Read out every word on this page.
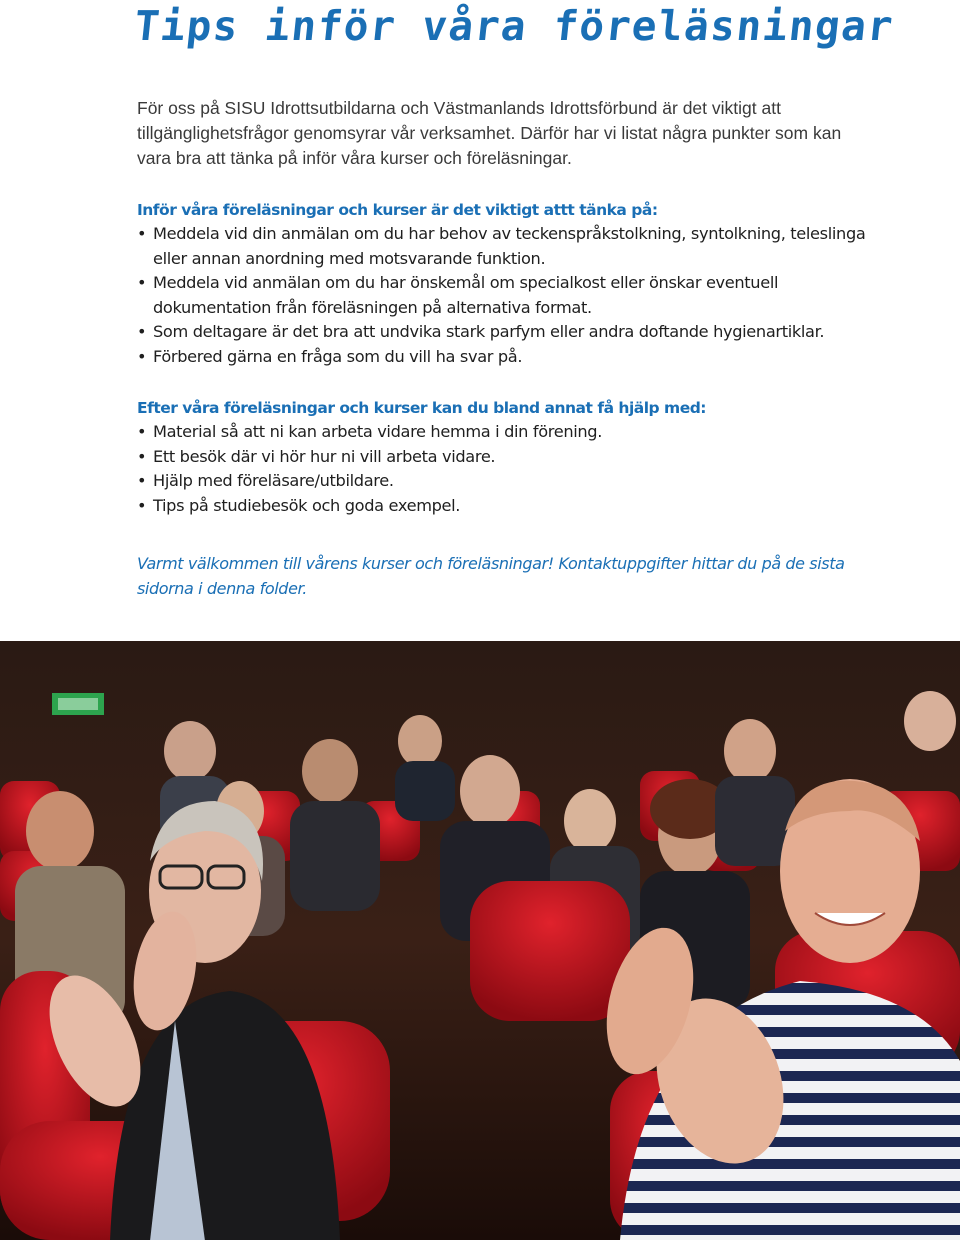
Tips inför våra föreläsningar

För oss på SISU Idrottsutbildarna och Västmanlands Idrottsförbund är det viktigt att tillgänglighetsfrågor genomsyrar vår verksamhet. Därför har vi listat några punkter som kan vara bra att tänka på inför våra kurser och föreläsningar.

Inför våra föreläsningar och kurser är det viktigt attt tänka på:
• Meddela vid din anmälan om du har behov av teckenspråkstolkning, syntolkning, teleslinga eller annan anordning med motsvarande funktion.
• Meddela vid anmälan om du har önskemål om specialkost eller önskar eventuell dokumentation från föreläsningen på alternativa format.
• Som deltagare är det bra att undvika stark parfym eller andra doftande hygienartiklar.
• Förbered gärna en fråga som du vill ha svar på.
Efter våra föreläsningar och kurser kan du bland annat få hjälp med:
• Material så att ni kan arbeta vidare hemma i din förening.
• Ett besök där vi hör hur ni vill arbeta vidare.
• Hjälp med föreläsare/utbildare.
• Tips på studiebesök och goda exempel.

Varmt välkommen till vårens kurser och föreläsningar! Kontaktuppgifter hittar du på de sista sidorna i denna folder.
